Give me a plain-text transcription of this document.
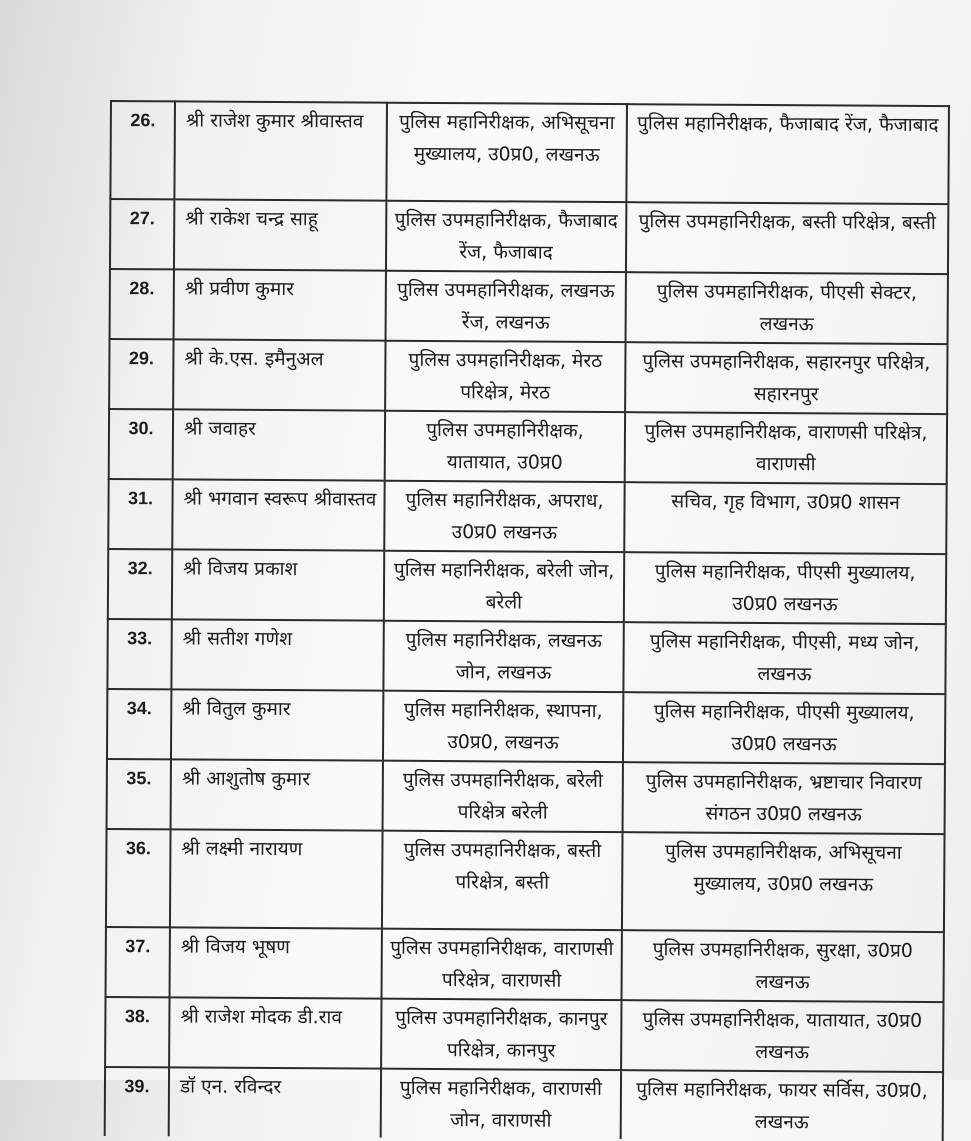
26.	श्री राजेश कुमार श्रीवास्तव	पुलिस महानिरीक्षक, अभिसूचना मुख्यालय, उ0प्र0, लखनऊ	पुलिस महानिरीक्षक, फैजाबाद रेंज, फैजाबाद
27.	श्री राकेश चन्द्र साहू	पुलिस उपमहानिरीक्षक, फैजाबाद रेंज, फैजाबाद	पुलिस उपमहानिरीक्षक, बस्ती परिक्षेत्र, बस्ती
28.	श्री प्रवीण कुमार	पुलिस उपमहानिरीक्षक, लखनऊ रेंज, लखनऊ	पुलिस उपमहानिरीक्षक, पीएसी सेक्टर, लखनऊ
29.	श्री के.एस. इमैनुअल	पुलिस उपमहानिरीक्षक, मेरठ परिक्षेत्र, मेरठ	पुलिस उपमहानिरीक्षक, सहारनपुर परिक्षेत्र, सहारनपुर
30.	श्री जवाहर	पुलिस उपमहानिरीक्षक, यातायात, उ0प्र0	पुलिस उपमहानिरीक्षक, वाराणसी परिक्षेत्र, वाराणसी
31.	श्री भगवान स्वरूप श्रीवास्तव	पुलिस महानिरीक्षक, अपराध, उ0प्र0 लखनऊ	सचिव, गृह विभाग, उ0प्र0 शासन
32.	श्री विजय प्रकाश	पुलिस महानिरीक्षक, बरेली जोन, बरेली	पुलिस महानिरीक्षक, पीएसी मुख्यालय, उ0प्र0 लखनऊ
33.	श्री सतीश गणेश	पुलिस महानिरीक्षक, लखनऊ जोन, लखनऊ	पुलिस महानिरीक्षक, पीएसी, मध्य जोन, लखनऊ
34.	श्री वितुल कुमार	पुलिस महानिरीक्षक, स्थापना, उ0प्र0, लखनऊ	पुलिस महानिरीक्षक, पीएसी मुख्यालय, उ0प्र0 लखनऊ
35.	श्री आशुतोष कुमार	पुलिस उपमहानिरीक्षक, बरेली परिक्षेत्र बरेली	पुलिस उपमहानिरीक्षक, भ्रष्टाचार निवारण संगठन उ0प्र0 लखनऊ
36.	श्री लक्ष्मी नारायण	पुलिस उपमहानिरीक्षक, बस्ती परिक्षेत्र, बस्ती	पुलिस उपमहानिरीक्षक, अभिसूचना मुख्यालय, उ0प्र0 लखनऊ
37.	श्री विजय भूषण	पुलिस उपमहानिरीक्षक, वाराणसी परिक्षेत्र, वाराणसी	पुलिस उपमहानिरीक्षक, सुरक्षा, उ0प्र0 लखनऊ
38.	श्री राजेश मोदक डी.राव	पुलिस उपमहानिरीक्षक, कानपुर परिक्षेत्र, कानपुर	पुलिस उपमहानिरीक्षक, यातायात, उ0प्र0 लखनऊ
39.	डॉ एन. रविन्दर	पुलिस महानिरीक्षक, वाराणसी जोन, वाराणसी	पुलिस महानिरीक्षक, फायर सर्विस, उ0प्र0, लखनऊ
